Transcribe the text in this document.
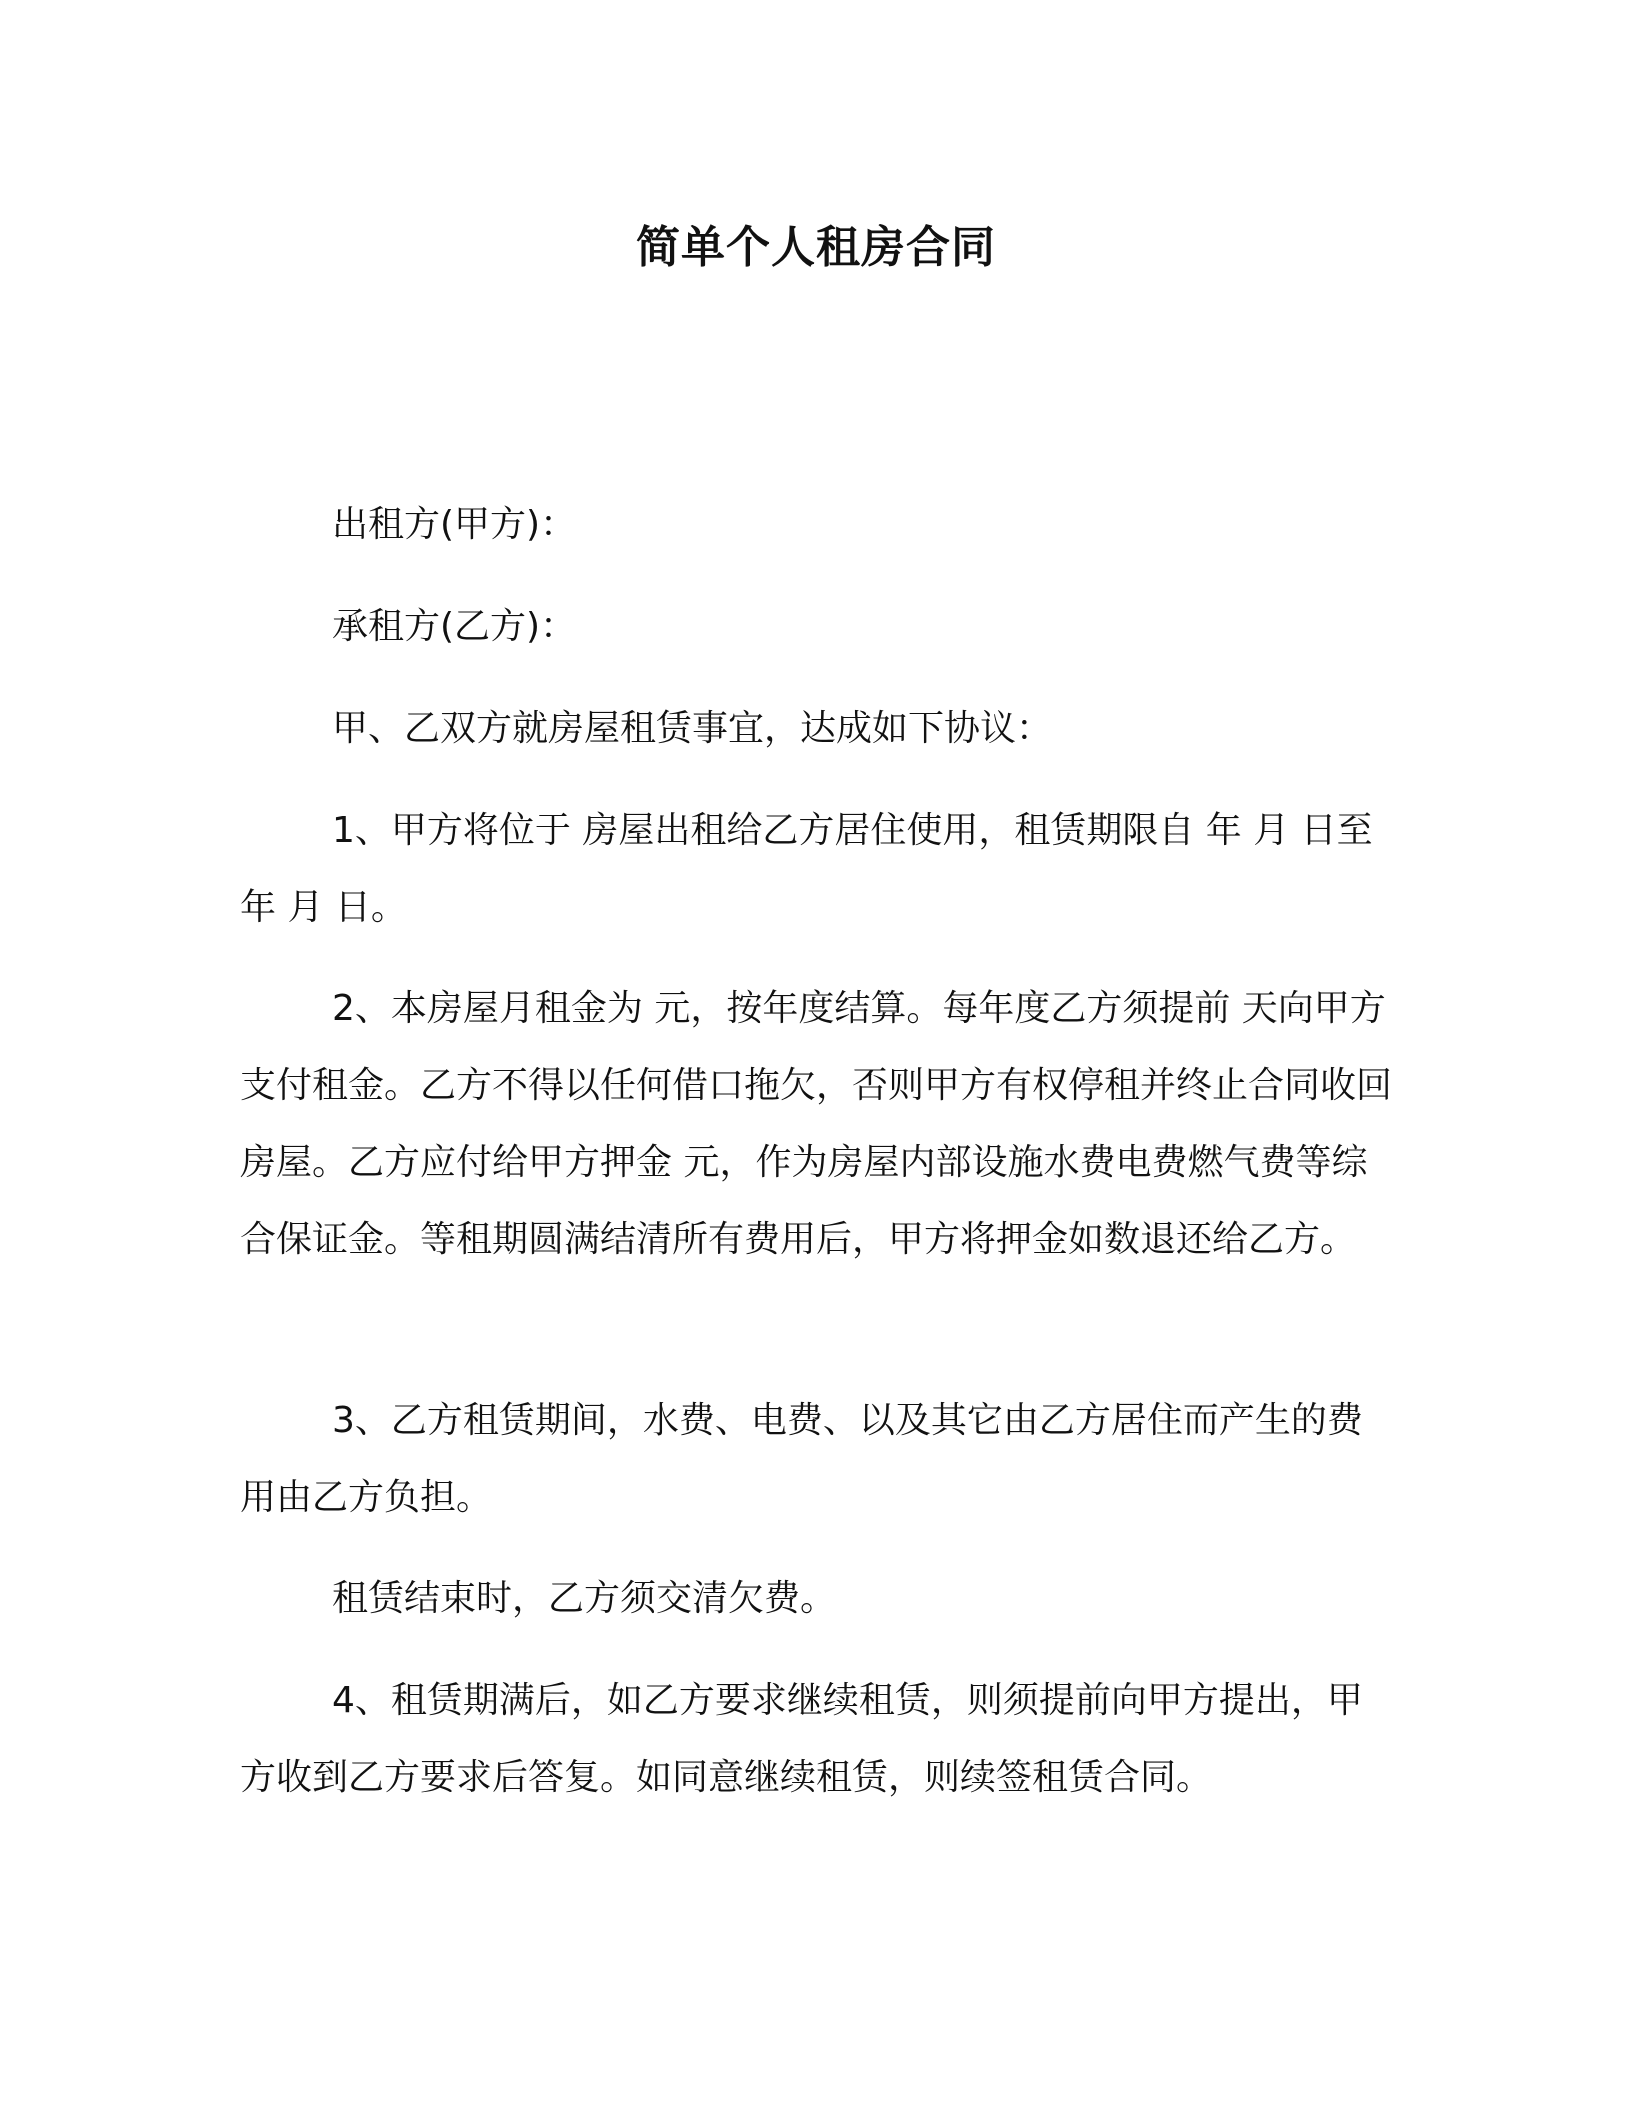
简单个人租房合同

出租方(甲方)：

承租方(乙方)：

甲、乙双方就房屋租赁事宜，达成如下协议：

1、甲方将位于 房屋出租给乙方居住使用，租赁期限自 年 月 日至 年 月 日。

2、本房屋月租金为 元，按年度结算。每年度乙方须提前 天向甲方支付租金。乙方不得以任何借口拖欠，否则甲方有权停租并终止合同收回房屋。乙方应付给甲方押金 元，作为房屋内部设施水费电费燃气费等综合保证金。等租期圆满结清所有费用后，甲方将押金如数退还给乙方。

3、乙方租赁期间，水费、电费、以及其它由乙方居住而产生的费用由乙方负担。

租赁结束时，乙方须交清欠费。

4、租赁期满后，如乙方要求继续租赁，则须提前向甲方提出，甲方收到乙方要求后答复。如同意继续租赁，则续签租赁合同。
